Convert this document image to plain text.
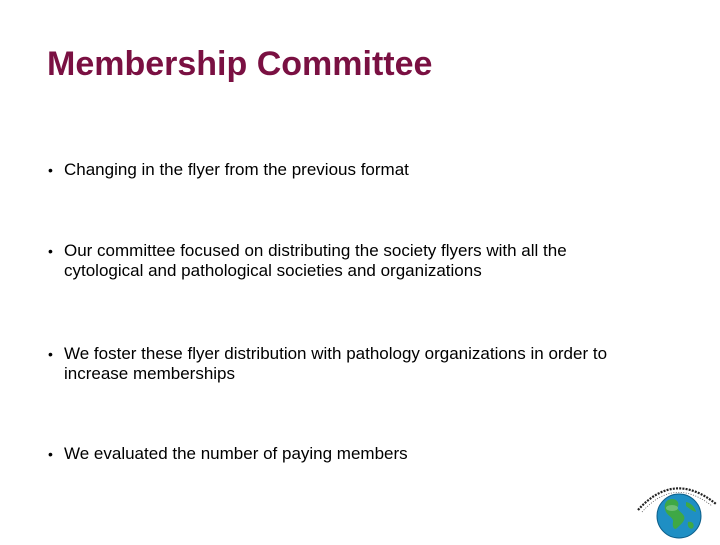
Membership Committee
• Changing in the flyer from the previous format
• Our committee focused on distributing the society flyers with all the cytological and pathological societies and organizations
• We foster these flyer distribution with pathology organizations in order to increase memberships
• We evaluated the number of paying members
